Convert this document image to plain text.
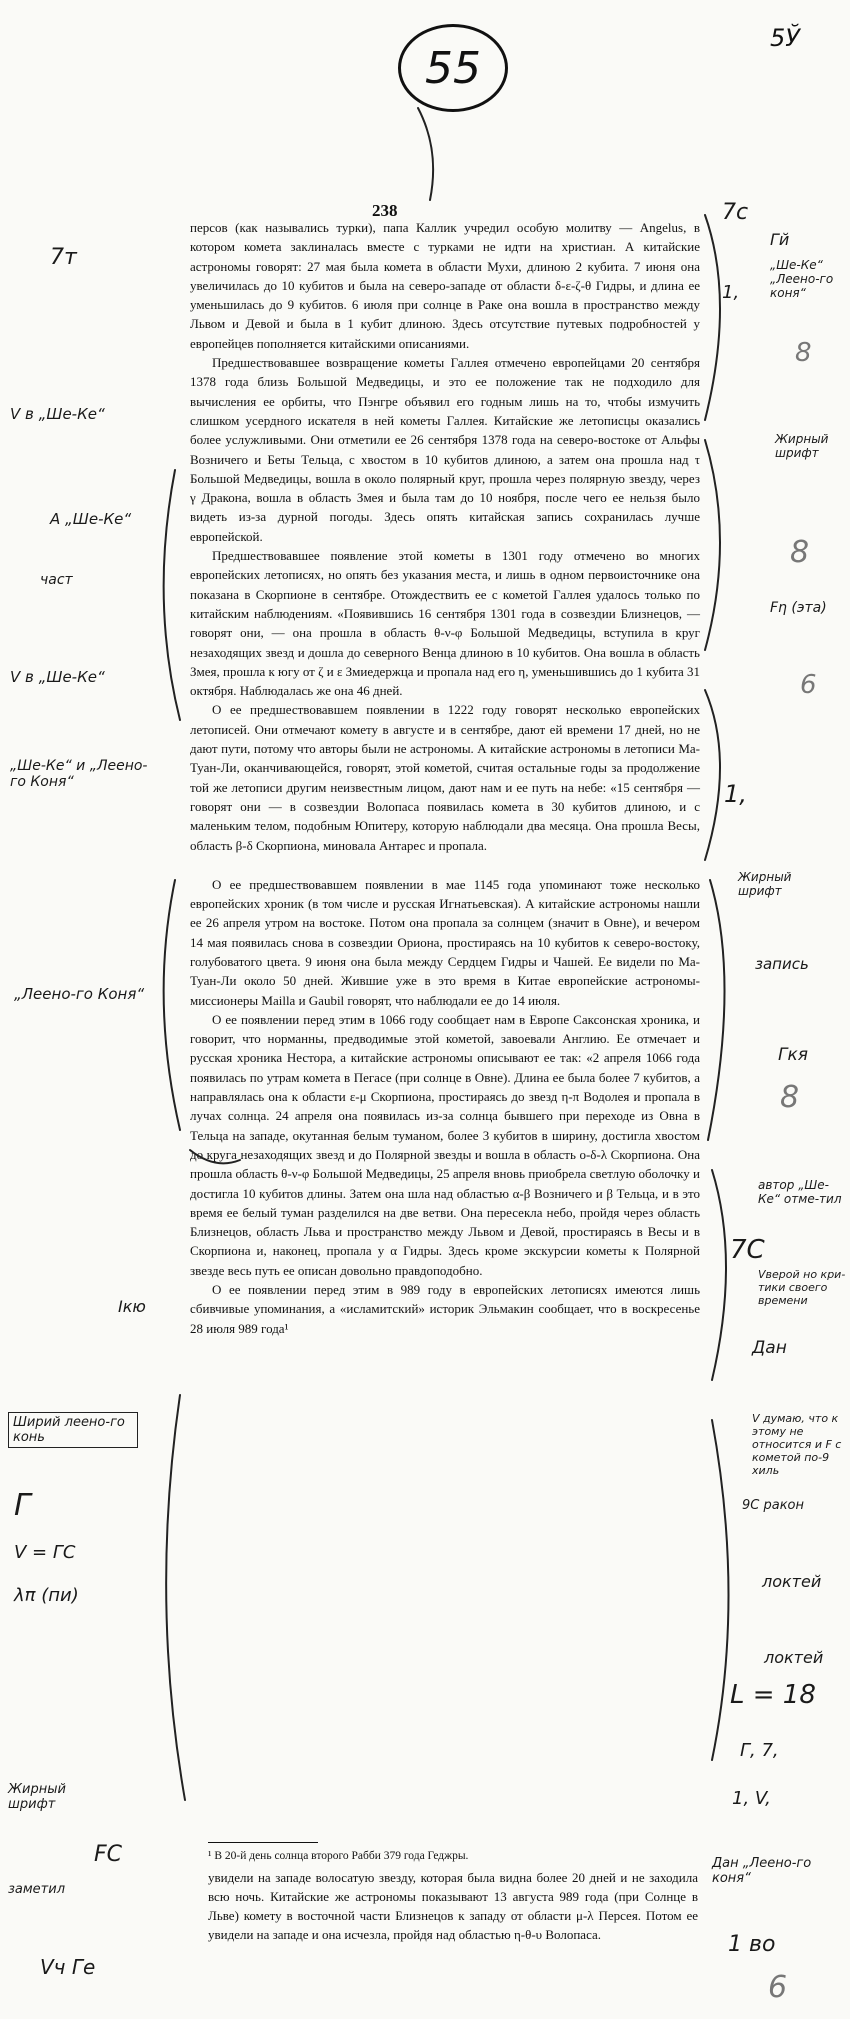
55
5Ў
238

персов (как назывались турки), папа Каллик учредил особую молитву — Angelus, в котором комета заклиналась вместе с турками не идти на христиан. А китайские астрономы говорят: 27 мая была комета в области Мухи, длиною 2 кубита. 7 июня она увеличилась до 10 кубитов и была на северо-западе от области δ-ε-ζ-θ Гидры, и длина ее уменьшилась до 9 кубитов. 6 июля при солнце в Раке она вошла в пространство между Львом и Девой и была в 1 кубит длиною. Здесь отсутствие путевых подробностей у европейцев пополняется китайскими описаниями.

Предшествовавшее возвращение кометы Галлея отмечено европейцами 20 сентября 1378 года близь Большой Медведицы, и это ее положение так не подходило для вычисления ее орбиты, что Пэнгре объявил его годным лишь на то, чтобы измучить слишком усердного искателя в ней кометы Галлея. Китайские же летописцы оказались более услужливыми. Они отметили ее 26 сентября 1378 года на северо-востоке от Альфы Возничего и Беты Тельца, с хвостом в 10 кубитов длиною, а затем она прошла над τ Большой Медведицы, вошла в около полярный круг, прошла через полярную звезду, через γ Дракона, вошла в область Змея и была там до 10 ноября, после чего ее нельзя было видеть из-за дурной погоды. Здесь опять китайская запись сохранилась лучше европейской.

Предшествовавшее появление этой кометы в 1301 году отмечено во многих европейских летописях, но опять без указания места, и лишь в одном первоисточнике она показана в Скорпионе в сентябре. Отождествить ее с кометой Галлея удалось только по китайским наблюдениям. «Появившись 16 сентября 1301 года в созвездии Близнецов, — говорят они, — она прошла в область θ-ν-φ Большой Медведицы, вступила в круг незаходящих звезд и дошла до северного Венца длиною в 10 кубитов. Она вошла в область Змея, прошла к югу от ζ и ε Змиедержца и пропала над его η, уменьшившись до 1 кубита 31 октября. Наблюдалась же она 46 дней.

О ее предшествовавшем появлении в 1222 году говорят несколько европейских летописей. Они отмечают комету в августе и в сентябре, дают ей времени 17 дней, но не дают пути, потому что авторы были не астрономы. А китайские астрономы в летописи Ма-Туан-Ли, оканчивающейся, говорят, этой кометой, считая остальные годы за продолжение той же летописи другим неизвестным лицом, дают нам и ее путь на небе: «15 сентября — говорят они — в созвездии Волопаса появилась комета в 30 кубитов длиною, и с маленьким телом, подобным Юпитеру, которую наблюдали два месяца. Она прошла Весы, область β-δ Скорпиона, миновала Антарес и пропала.

О ее предшествовавшем появлении в мае 1145 года упоминают тоже несколько европейских хроник (в том числе и русская Игнатьевская). А китайские астрономы нашли ее 26 апреля утром на востоке. Потом она пропала за солнцем (значит в Овне), и вечером 14 мая появилась снова в созвездии Ориона, простираясь на 10 кубитов к северо-востоку, голубоватого цвета. 9 июня она была между Сердцем Гидры и Чашей. Ее видели по Ма-Туан-Ли около 50 дней. Жившие уже в это время в Китае европейские астрономы-миссионеры Mailla и Gaubil говорят, что наблюдали ее до 14 июля.

О ее появлении перед этим в 1066 году сообщает нам в Европе Саксонская хроника, и говорит, что норманны, предводимые этой кометой, завоевали Англию. Ее отмечает и русская хроника Нестора, а китайские астрономы описывают ее так: «2 апреля 1066 года появилась по утрам комета в Пегасе (при солнце в Овне). Длина ее была более 7 кубитов, а направлялась она к области ε-μ Скорпиона, простираясь до звезд η-π Водолея и пропала в лучах солнца. 24 апреля она появилась из-за солнца бывшего при переходе из Овна в Тельца на западе, окутанная белым туманом, более 3 кубитов в ширину, достигла хвостом до круга незаходящих звезд и до Полярной звезды и вошла в область ο-δ-λ Скорпиона. Она прошла область θ-ν-φ Большой Медведицы, 25 апреля вновь приобрела светлую оболочку и достигла 10 кубитов длины. Затем она шла над областью α-β Возничего и β Тельца, и в это время ее белый туман разделился на две ветви. Она пересекла небо, пройдя через область Близнецов, область Льва и пространство между Львом и Девой, простираясь в Весы и в Скорпиона и, наконец, пропала у α Гидры. Здесь кроме экскурсии кометы к Полярной звезде весь путь ее описан довольно правдоподобно.

О ее появлении перед этим в 989 году в европейских летописях имеются лишь сбивчивые упоминания, а «исламитский» историк Эльмакин сообщает, что в воскресенье 28 июля 989 года¹

¹ В 20-й день солнца второго Рабби 379 года Геджры.
увидели на западе волосатую звезду, которая была видна более 20 дней и не заходила всю ночь. Китайские же астрономы показывают 13 августа 989 года (при Солнце в Льве) комету в восточной части Близнецов к западу от области μ-λ Персея. Потом ее увидели на западе и она исчезла, пройдя над областью η-θ-υ Волопаса.
7т
V в „Ше-Ке“
А „Ше-Ке“
част
V в „Ше-Ке“
„Ше-Ке“ и „Леено-го Коня“
„Леено-го Коня“
Iкю
Ширий леено-го конь
Г
V = ГС
λπ (пи)
Жирный шрифт
FC
заметил
Vч Ге
7с
Гй
„Ше-Ке“ „Леено-го коня“
1,
8
Жирный шрифт
8
Fη (эта)
6
1,
Жирный шрифт
запись
Гкя
8
автор „Ше-Ке“ отме-тил
7С
Vверой но кри-тики своего времени
Дан
V думаю, что к этому не относится и F с кометой по-9 хиль
9С ракон
локтей
локтей
L = 18
Г, 7,
1, V,
Дан „Леено-го коня“
1 во
6
